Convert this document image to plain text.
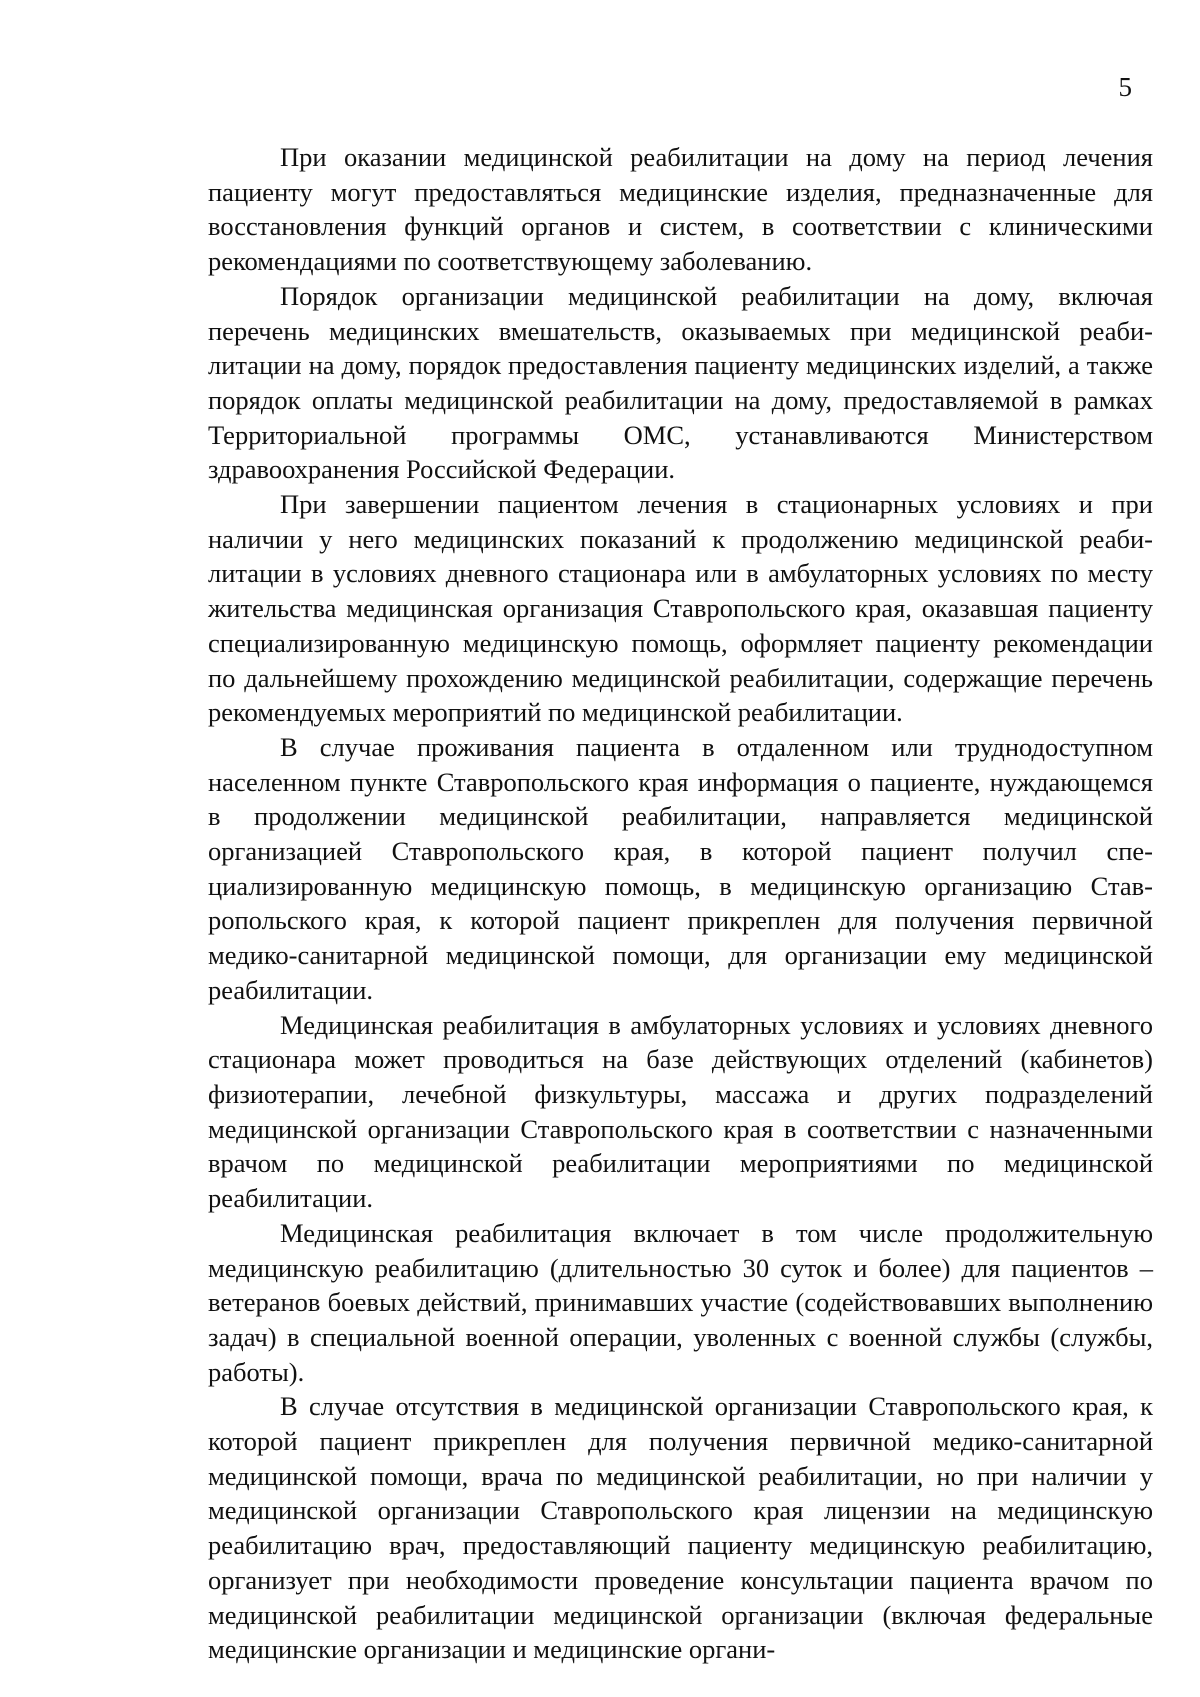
5

При оказании медицинской реабилитации на дому на период лечения пациенту могут предоставляться медицинские изделия, предназначенные для восстановления функций органов и систем, в соответствии с клиническими рекомендациями по соответствующему заболеванию.

Порядок организации медицинской реабилитации на дому, включая перечень медицинских вмешательств, оказываемых при медицинской реабилитации на дому, порядок предоставления пациенту медицинских изделий, а также порядок оплаты медицинской реабилитации на дому, предоставляемой в рамках Территориальной программы ОМС, устанавливаются Министерством здравоохранения Российской Федерации.

При завершении пациентом лечения в стационарных условиях и при наличии у него медицинских показаний к продолжению медицинской реабилитации в условиях дневного стационара или в амбулаторных условиях по месту жительства медицинская организация Ставропольского края, оказавшая пациенту специализированную медицинскую помощь, оформляет пациенту рекомендации по дальнейшему прохождению медицинской реабилитации, содержащие перечень рекомендуемых мероприятий по медицинской реабилитации.

В случае проживания пациента в отдаленном или труднодоступном населенном пункте Ставропольского края информация о пациенте, нуждающемся в продолжении медицинской реабилитации, направляется медицинской организацией Ставропольского края, в которой пациент получил специализированную медицинскую помощь, в медицинскую организацию Ставропольского края, к которой пациент прикреплен для получения первичной медико-санитарной медицинской помощи, для организации ему медицинской реабилитации.

Медицинская реабилитация в амбулаторных условиях и условиях дневного стационара может проводиться на базе действующих отделений (кабинетов) физиотерапии, лечебной физкультуры, массажа и других подразделений медицинской организации Ставропольского края в соответствии с назначенными врачом по медицинской реабилитации мероприятиями по медицинской реабилитации.

Медицинская реабилитация включает в том числе продолжительную медицинскую реабилитацию (длительностью 30 суток и более) для пациентов – ветеранов боевых действий, принимавших участие (содействовавших выполнению задач) в специальной военной операции, уволенных с военной службы (службы, работы).

В случае отсутствия в медицинской организации Ставропольского края, к которой пациент прикреплен для получения первичной медико-санитарной медицинской помощи, врача по медицинской реабилитации, но при наличии у медицинской организации Ставропольского края лицензии на медицинскую реабилитацию врач, предоставляющий пациенту медицинскую реабилитацию, организует при необходимости проведение консультации пациента врачом по медицинской реабилитации медицинской организации (включая федеральные медицинские организации и медицинские органи-
